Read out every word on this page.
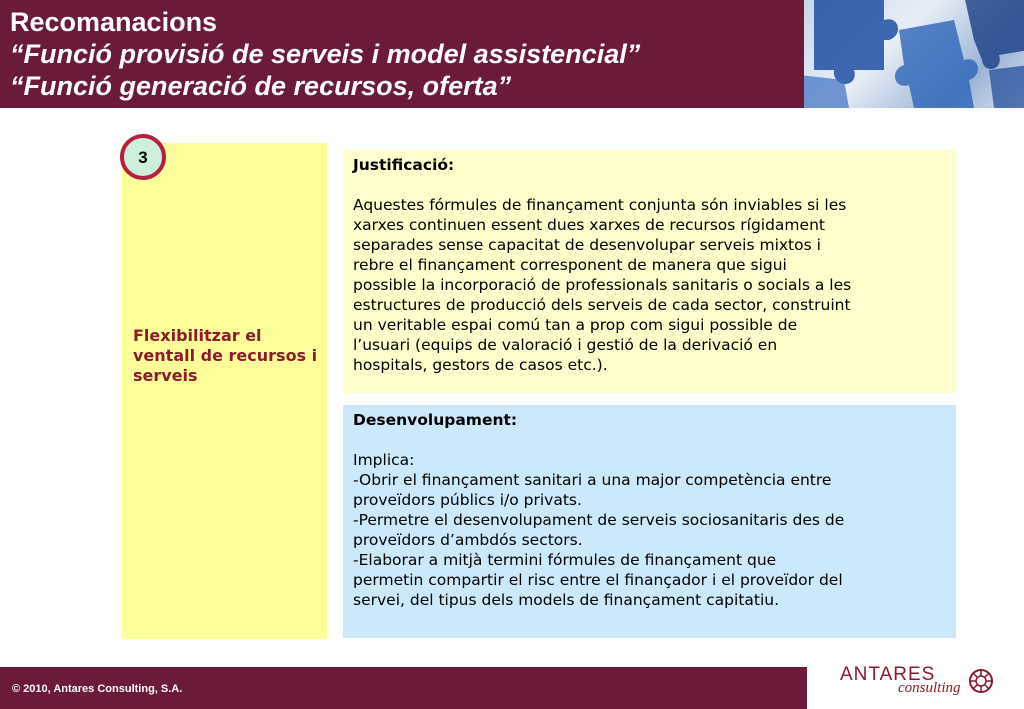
Recomanacions
“Funció provisió de serveis i model assistencial”
“Funció generació de recursos, oferta”
3
Flexibilitzar el ventall de recursos i serveis
Justificació:
Aquestes fórmules de finançament conjunta són inviables si les
xarxes continuen essent dues xarxes de recursos rígidament
separades sense capacitat de desenvolupar serveis mixtos i
rebre el finançament corresponent de manera que sigui
possible la incorporació de professionals sanitaris o socials a les
estructures de producció dels serveis de cada sector, construint
un veritable espai comú tan a prop com sigui possible de
l’usuari (equips de valoració i gestió de la derivació en
hospitals, gestors de casos etc.).
Desenvolupament:
Implica:
-Obrir el finançament sanitari a una major competència entre
proveïdors públics i/o privats.
-Permetre el desenvolupament de serveis sociosanitaris des de
proveïdors d’ambdós sectors.
-Elaborar a mitjà termini fórmules de finançament que
permetin compartir el risc entre el finançador i el proveïdor del
servei, del tipus dels models de finançament capitatiu.
© 2010, Antares Consulting, S.A.
ANTARES
consulting
